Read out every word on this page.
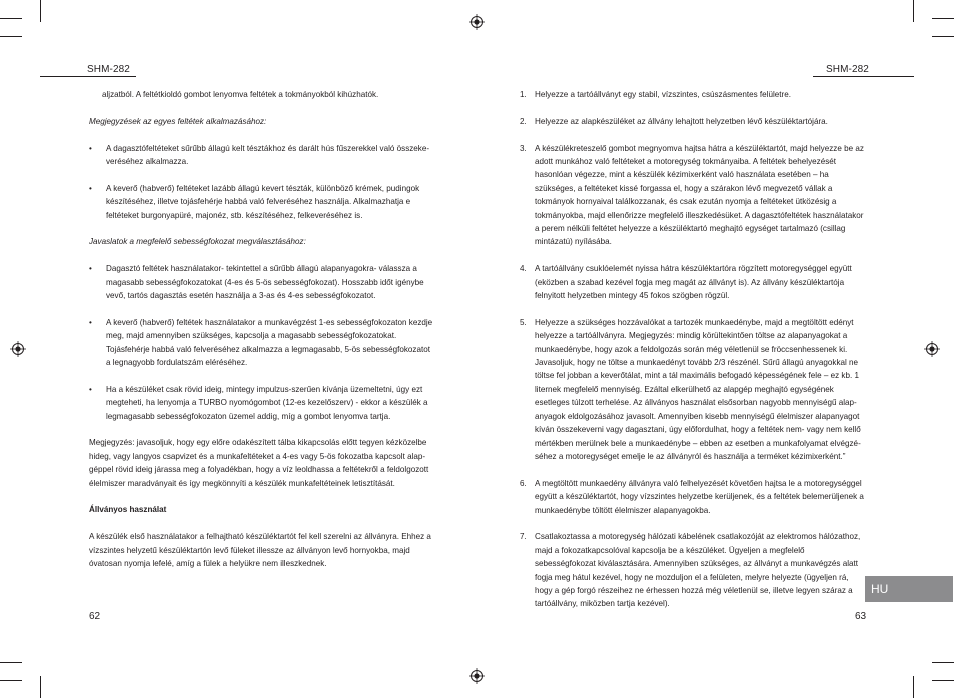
SHM-282

aljzatból. A feltétkioldó gombot lenyomva feltétek a tokmányokból kihúzhatók.

Megjegyzések az egyes feltétek alkalmazásához:

• A dagasztófeltéteket sűrűbb állagú kelt tésztákhoz és darált hús fűszerekkel való összekeveréséhez alkalmazza.
• A keverő (habverő) feltéteket lazább állagú kevert tészták, különböző krémek, pudingok készítéséhez, illetve tojásfehérje habbá való felveréséhez használja. Alkalmazhatja e feltéteket burgonyapüré, majonéz, stb. készítéséhez, felkeveréséhez is.

Javaslatok a megfelelő sebességfokozat megválasztásához:

• Dagasztó feltétek használatakor- tekintettel a sűrűbb állagú alapanyagokra- válassza a magasabb sebességfokozatokat (4-es és 5-ös sebességfokozat). Hosszabb időt igénybe vevő, tartós dagasztás esetén használja a 3-as és 4-es sebességfokozatot.
• A keverő (habverő) feltétek használatakor a munkavégzést 1-es sebességfokozaton kezdje meg, majd amennyiben szükséges, kapcsolja a magasabb sebességfokozatokat. Tojásfehérje habbá való felveréséhez alkalmazza a legmagasabb, 5-ös sebességfokozatot a legnagyobb fordulatszám eléréséhez.
• Ha a készüléket csak rövid ideig, mintegy impulzus-szerűen kívánja üzemeltetni, úgy ezt megteheti, ha lenyomja a TURBO nyomógombot (12-es kezelőszerv) - ekkor a készülék a legmagasabb sebességfokozaton üzemel addig, míg a gombot lenyomva tartja.

Megjegyzés: javasoljuk, hogy egy előre odakészített tálba kikapcsolás előtt tegyen kézközelbe hideg, vagy langyos csapvizet és a munkafeltéteket a 4-es vagy 5-ös fokozatba kapcsolt alapgéppel rövid ideig járassa meg a folyadékban, hogy a víz leoldhassa a feltétekről a feldolgozott élelmiszer maradványait és így megkönnyíti a készülék munkafeltéteinek letisztítását.

Állványos használat

A készülék első használatakor a felhajtható készüléktartót fel kell szerelni az állványra. Ehhez a vízszintes helyzetű készüléktartón levő füleket illessze az állványon levő hornyokba, majd óvatosan nyomja lefelé, amíg a fülek a helyükre nem illeszkednek.

62
SHM-282
1. Helyezze a tartóállványt egy stabil, vízszintes, csúszásmentes felületre.
2. Helyezze az alapkészüléket az állvány lehajtott helyzetben lévő készüléktartójára.
3. A készülékreteszelő gombot megnyomva hajtsa hátra a készüléktartót, majd helyezze be az adott munkához való feltéteket a motoregység tokmányaiba. A feltétek behelyezését hasonlóan végezze, mint a készülék kézimixerként való használata esetében – ha szükséges, a feltéteket kissé forgassa el, hogy a szárakon lévő megvezető vállak a tokmányok hornyaival találkozzanak, és csak ezután nyomja a feltéteket ütközésig a tokmányokba, majd ellenőrizze megfelelő illeszkedésüket. A dagasztófeltétek használatakor a perem nélküli feltétet helyezze a készüléktartó meghajtó egységet tartalmazó (csillag mintázatú) nyílásába.
4. A tartóállvány csuklóelemét nyissa hátra készüléktartóra rögzített motoregységgel együtt (eközben a szabad kezével fogja meg magát az állványt is). Az állvány készüléktartója felnyitott helyzetben mintegy 45 fokos szögben rögzül.
5. Helyezze a szükséges hozzávalókat a tartozék munkaedénybe, majd a megtöltött edényt helyezze a tartóállványra. Megjegyzés: mindig körültekintően töltse az alapanyagokat a munkaedénybe, hogy azok a feldolgozás során még véletlenül se fröccsenhessenek ki. Javasoljuk, hogy ne töltse a munkaedényt tovább 2/3 részénél. Sűrű állagú anyagokkal ne töltse fel jobban a keverőtálat, mint a tál maximális befogadó képességének fele – ez kb. 1 liternek megfelelő mennyiség. Ezáltal elkerülhető az alapgép meghajtó egységének esetleges túlzott terhelése. Az állványos használat elsősorban nagyobb mennyiségű alapanyagok eldolgozásához javasolt. Amennyiben kisebb mennyiségű élelmiszer alapanyagot kíván összekeverni vagy dagasztani, úgy előfordulhat, hogy a feltétek nem- vagy nem kellő mértékben merülnek bele a munkaedénybe – ebben az esetben a munkafolyamat elvégzéséhez a motoregységet emelje le az állványról és használja a terméket kézimixerként.”
6. A megtöltött munkaedény állványra való felhelyezését követően hajtsa le a motoregységgel együtt a készüléktartót, hogy vízszintes helyzetbe kerüljenek, és a feltétek belemerüljenek a munkaedénybe töltött élelmiszer alapanyagokba.
7. Csatlakoztassa a motoregység hálózati kábelének csatlakozóját az elektromos hálózathoz, majd a fokozatkapcsolóval kapcsolja be a készüléket. Ügyeljen a megfelelő sebességfokozat kiválasztására. Amennyiben szükséges, az állványt a munkavégzés alatt fogja meg hátul kezével, hogy ne mozduljon el a felületen, melyre helyezte (ügyeljen rá, hogy a gép forgó részeihez ne érhessen hozzá még véletlenül se, illetve legyen száraz a tartóállvány, miközben tartja kezével).
63
HU
